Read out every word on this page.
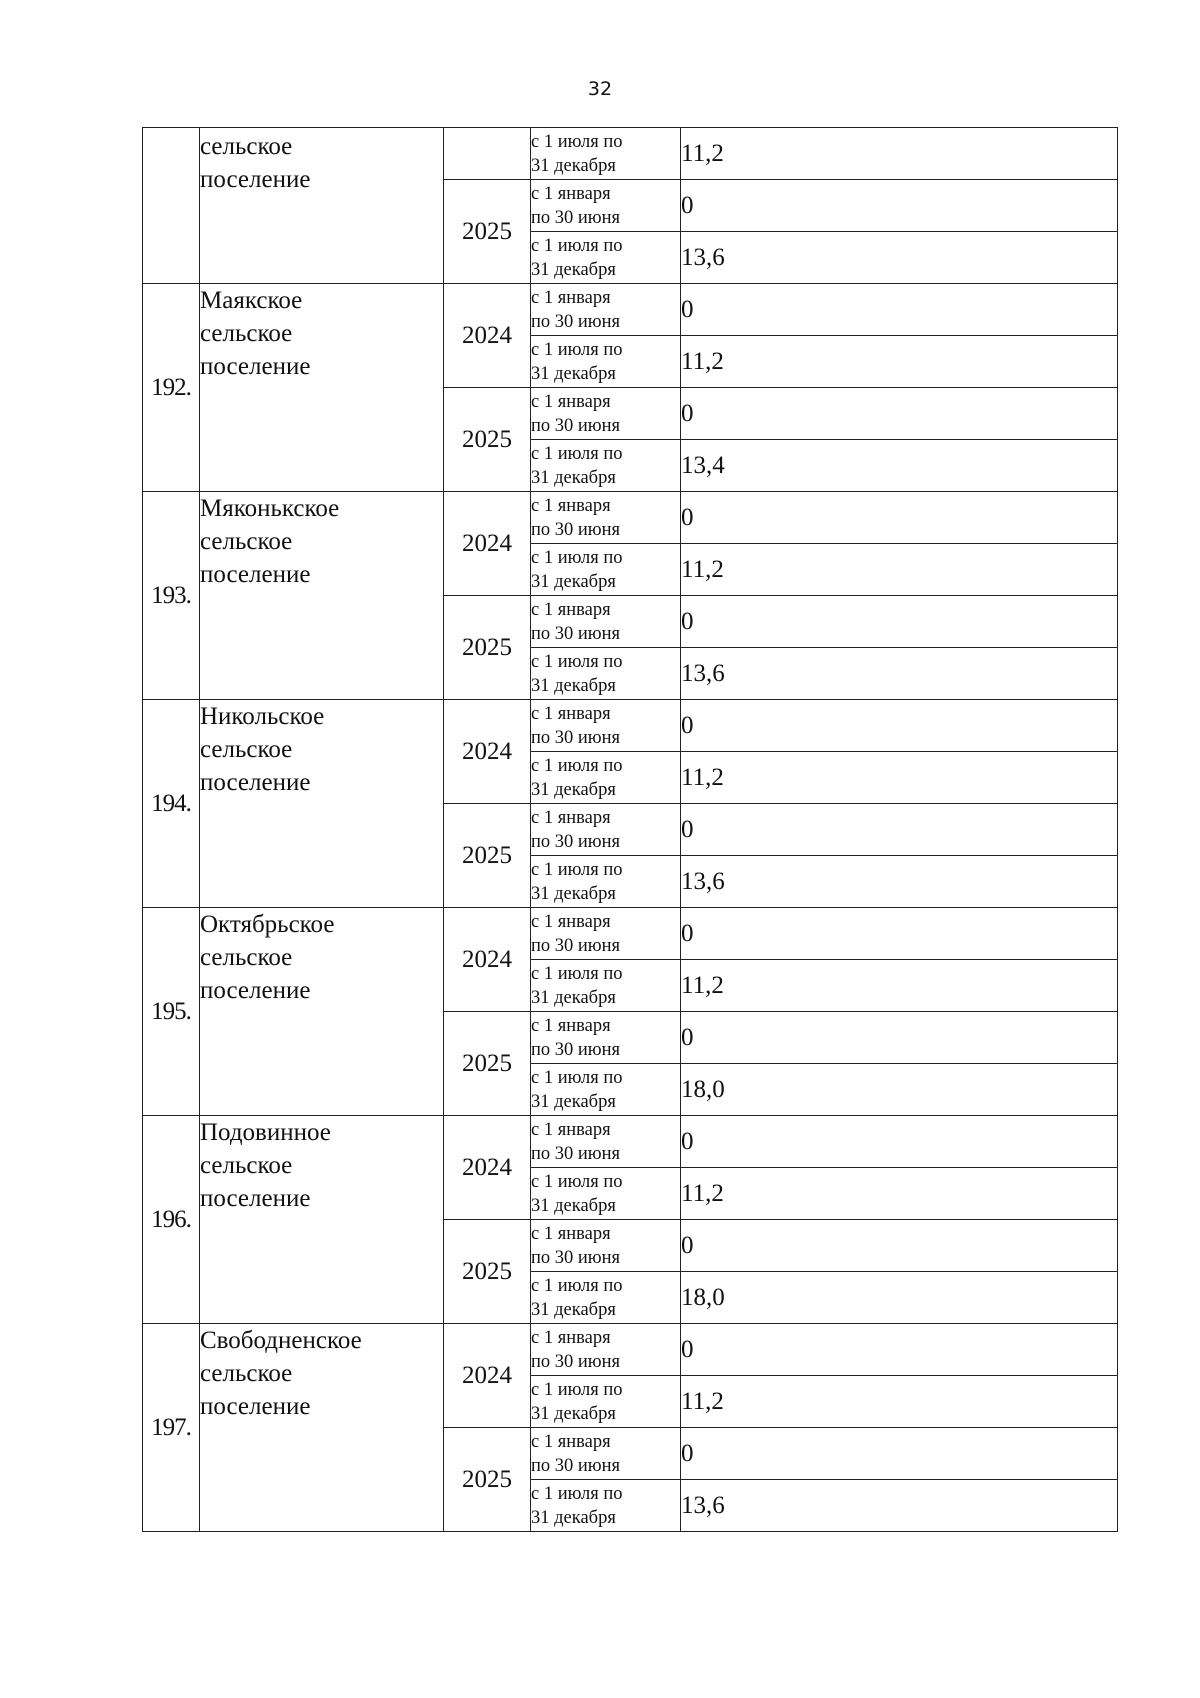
32
	сельское
поселение		с 1 июля по
31 декабря	11,2
		2025	с 1 января
по 30 июня	0

			с 1 июля по
31 декабря	13,6
192.	Маякское
сельское
поселение	2024	с 1 января
по 30 июня	0

			с 1 июля по
31 декабря	11,2
		2025	с 1 января
по 30 июня	0

			с 1 июля по
31 декабря	13,4
193.	Мяконькское
сельское
поселение	2024	с 1 января
по 30 июня	0

			с 1 июля по
31 декабря	11,2
		2025	с 1 января
по 30 июня	0

			с 1 июля по
31 декабря	13,6
194.	Никольское
сельское
поселение	2024	с 1 января
по 30 июня	0

			с 1 июля по
31 декабря	11,2
		2025	с 1 января
по 30 июня	0

			с 1 июля по
31 декабря	13,6
195.	Октябрьское
сельское
поселение	2024	с 1 января
по 30 июня	0

			с 1 июля по
31 декабря	11,2
		2025	с 1 января
по 30 июня	0

			с 1 июля по
31 декабря	18,0
196.	Подовинное
сельское
поселение	2024	с 1 января
по 30 июня	0

			с 1 июля по
31 декабря	11,2
		2025	с 1 января
по 30 июня	0

			с 1 июля по
31 декабря	18,0
197.	Свободненское
сельское
поселение	2024	с 1 января
по 30 июня	0

			с 1 июля по
31 декабря	11,2
		2025	с 1 января
по 30 июня	0

			с 1 июля по
31 декабря	13,6
